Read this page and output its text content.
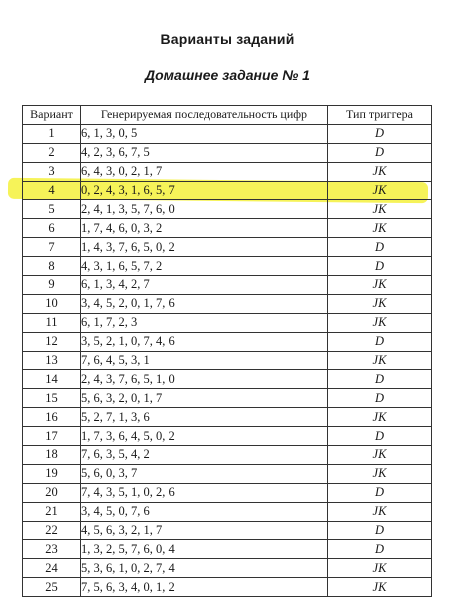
Варианты заданий
Домашнее задание № 1
Вариант	Генерируемая последовательность цифр	Тип триггера
1	6, 1, 3, 0, 5	D
2	4, 2, 3, 6, 7, 5	D
3	6, 4, 3, 0, 2, 1, 7	JK
4	0, 2, 4, 3, 1, 6, 5, 7	JK
5	2, 4, 1, 3, 5, 7, 6, 0	JK
6	1, 7, 4, 6, 0, 3, 2	JK
7	1, 4, 3, 7, 6, 5, 0, 2	D
8	4, 3, 1, 6, 5, 7, 2	D
9	6, 1, 3, 4, 2, 7	JK
10	3, 4, 5, 2, 0, 1, 7, 6	JK
11	6, 1, 7, 2, 3	JK
12	3, 5, 2, 1, 0, 7, 4, 6	D
13	7, 6, 4, 5, 3, 1	JK
14	2, 4, 3, 7, 6, 5, 1, 0	D
15	5, 6, 3, 2, 0, 1, 7	D
16	5, 2, 7, 1, 3, 6	JK
17	1, 7, 3, 6, 4, 5, 0, 2	D
18	7, 6, 3, 5, 4, 2	JK
19	5, 6, 0, 3, 7	JK
20	7, 4, 3, 5, 1, 0, 2, 6	D
21	3, 4, 5, 0, 7, 6	JK
22	4, 5, 6, 3, 2, 1, 7	D
23	1, 3, 2, 5, 7, 6, 0, 4	D
24	5, 3, 6, 1, 0, 2, 7, 4	JK
25	7, 5, 6, 3, 4, 0, 1, 2	JK
